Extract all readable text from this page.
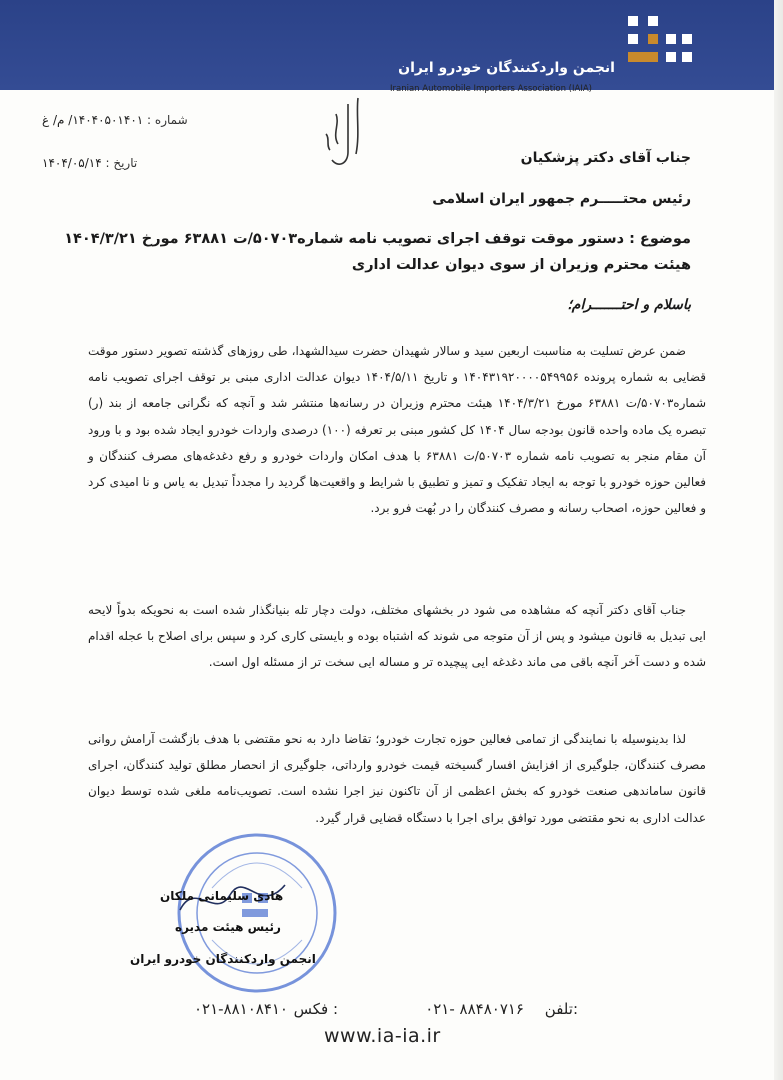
انجمن واردکنندگان خودرو ایران
Iranian Automobile Importers Association (IAIA)
شماره : ۱۴۰۴۰۵۰۱۴۰۱/ م/ غ
تاریخ : ۱۴۰۴/۰۵/۱۴	جناب آقای دکتر پزشکیان
رئیس محتـــــرم جمهور ایران اسلامی
موضوع : دستور موقت توقف اجرای تصویب نامه شماره۵۰۷۰۳/ت ۶۳۸۸۱ مورخ ۱۴۰۴/۳/۲۱
هیئت محترم وزیران از سوی دیوان عدالت اداری
باسلام و احتـــــــرام؛

ضمن عرض تسلیت به مناسبت اربعین سید و سالار شهیدان حضرت سیدالشهدا، طی روزهای گذشته تصویر دستور موقت قضایی به شماره پرونده ۱۴۰۴۳۱۹۲۰۰۰۰۵۴۹۹۵۶ و تاریخ ۱۴۰۴/۵/۱۱ دیوان عدالت اداری مبنی بر توقف اجرای تصویب نامه شماره۵۰۷۰۳/ت ۶۳۸۸۱ مورخ ۱۴۰۴/۳/۲۱ هیئت محترم وزیران در رسانه‌ها منتشر شد و آنچه که نگرانی جامعه از بند (ر) تبصره یک ماده واحده قانون بودجه سال ۱۴۰۴ کل کشور مبنی بر تعرفه (۱۰۰) درصدی واردات خودرو ایجاد شده بود و با ورود آن مقام منجر به تصویب نامه شماره ۵۰۷۰۳/ت ۶۳۸۸۱ با هدف امکان واردات خودرو و رفع دغدغه‌های مصرف کنندگان و فعالین حوزه خودرو با توجه به ایجاد تفکیک و تمیز و تطبیق با شرایط و واقعیت‌ها گردید را مجدداً تبدیل به یاس و نا امیدی کرد و فعالین حوزه، اصحاب رسانه و مصرف کنندگان را در بُهت فرو برد.

جناب آقای دکتر آنچه که مشاهده می شود در بخشهای مختلف، دولت دچار تله بنیانگذار شده است به نحویکه بدواً لایحه ایی تبدیل به قانون میشود و پس از آن متوجه می شوند که اشتباه بوده و بایستی کاری کرد و سپس برای اصلاح با عجله اقدام شده و دست آخر آنچه باقی می ماند دغدغه ایی پیچیده تر و مساله ایی سخت تر از مسئله اول است.

لذا بدینوسیله با نمایندگی از تمامی فعالین حوزه تجارت خودرو؛ تقاضا دارد به نحو مقتضی با هدف بازگشت آرامش روانی مصرف کنندگان، جلوگیری از افزایش افسار گسیخته قیمت خودرو وارداتی، جلوگیری از انحصار مطلق تولید کنندگان، اجرای قانون ساماندهی صنعت خودرو که بخش اعظمی از آن تاکنون نیز اجرا نشده است. تصویب‌نامه ملغی شده توسط دیوان عدالت اداری به نحو مقتضی مورد توافق برای اجرا با دستگاه قضایی قرار گیرد.

هادی سلیمانی ملکان
رئیس هیئت مدیره
انجمن واردکنندگان خودرو ایران
تلفن:
۰۲۱- ۸۸۴۸۰۷۱۶
فکس :
۰۲۱-۸۸۱۰۸۴۱۰
www.ia-ia.ir
